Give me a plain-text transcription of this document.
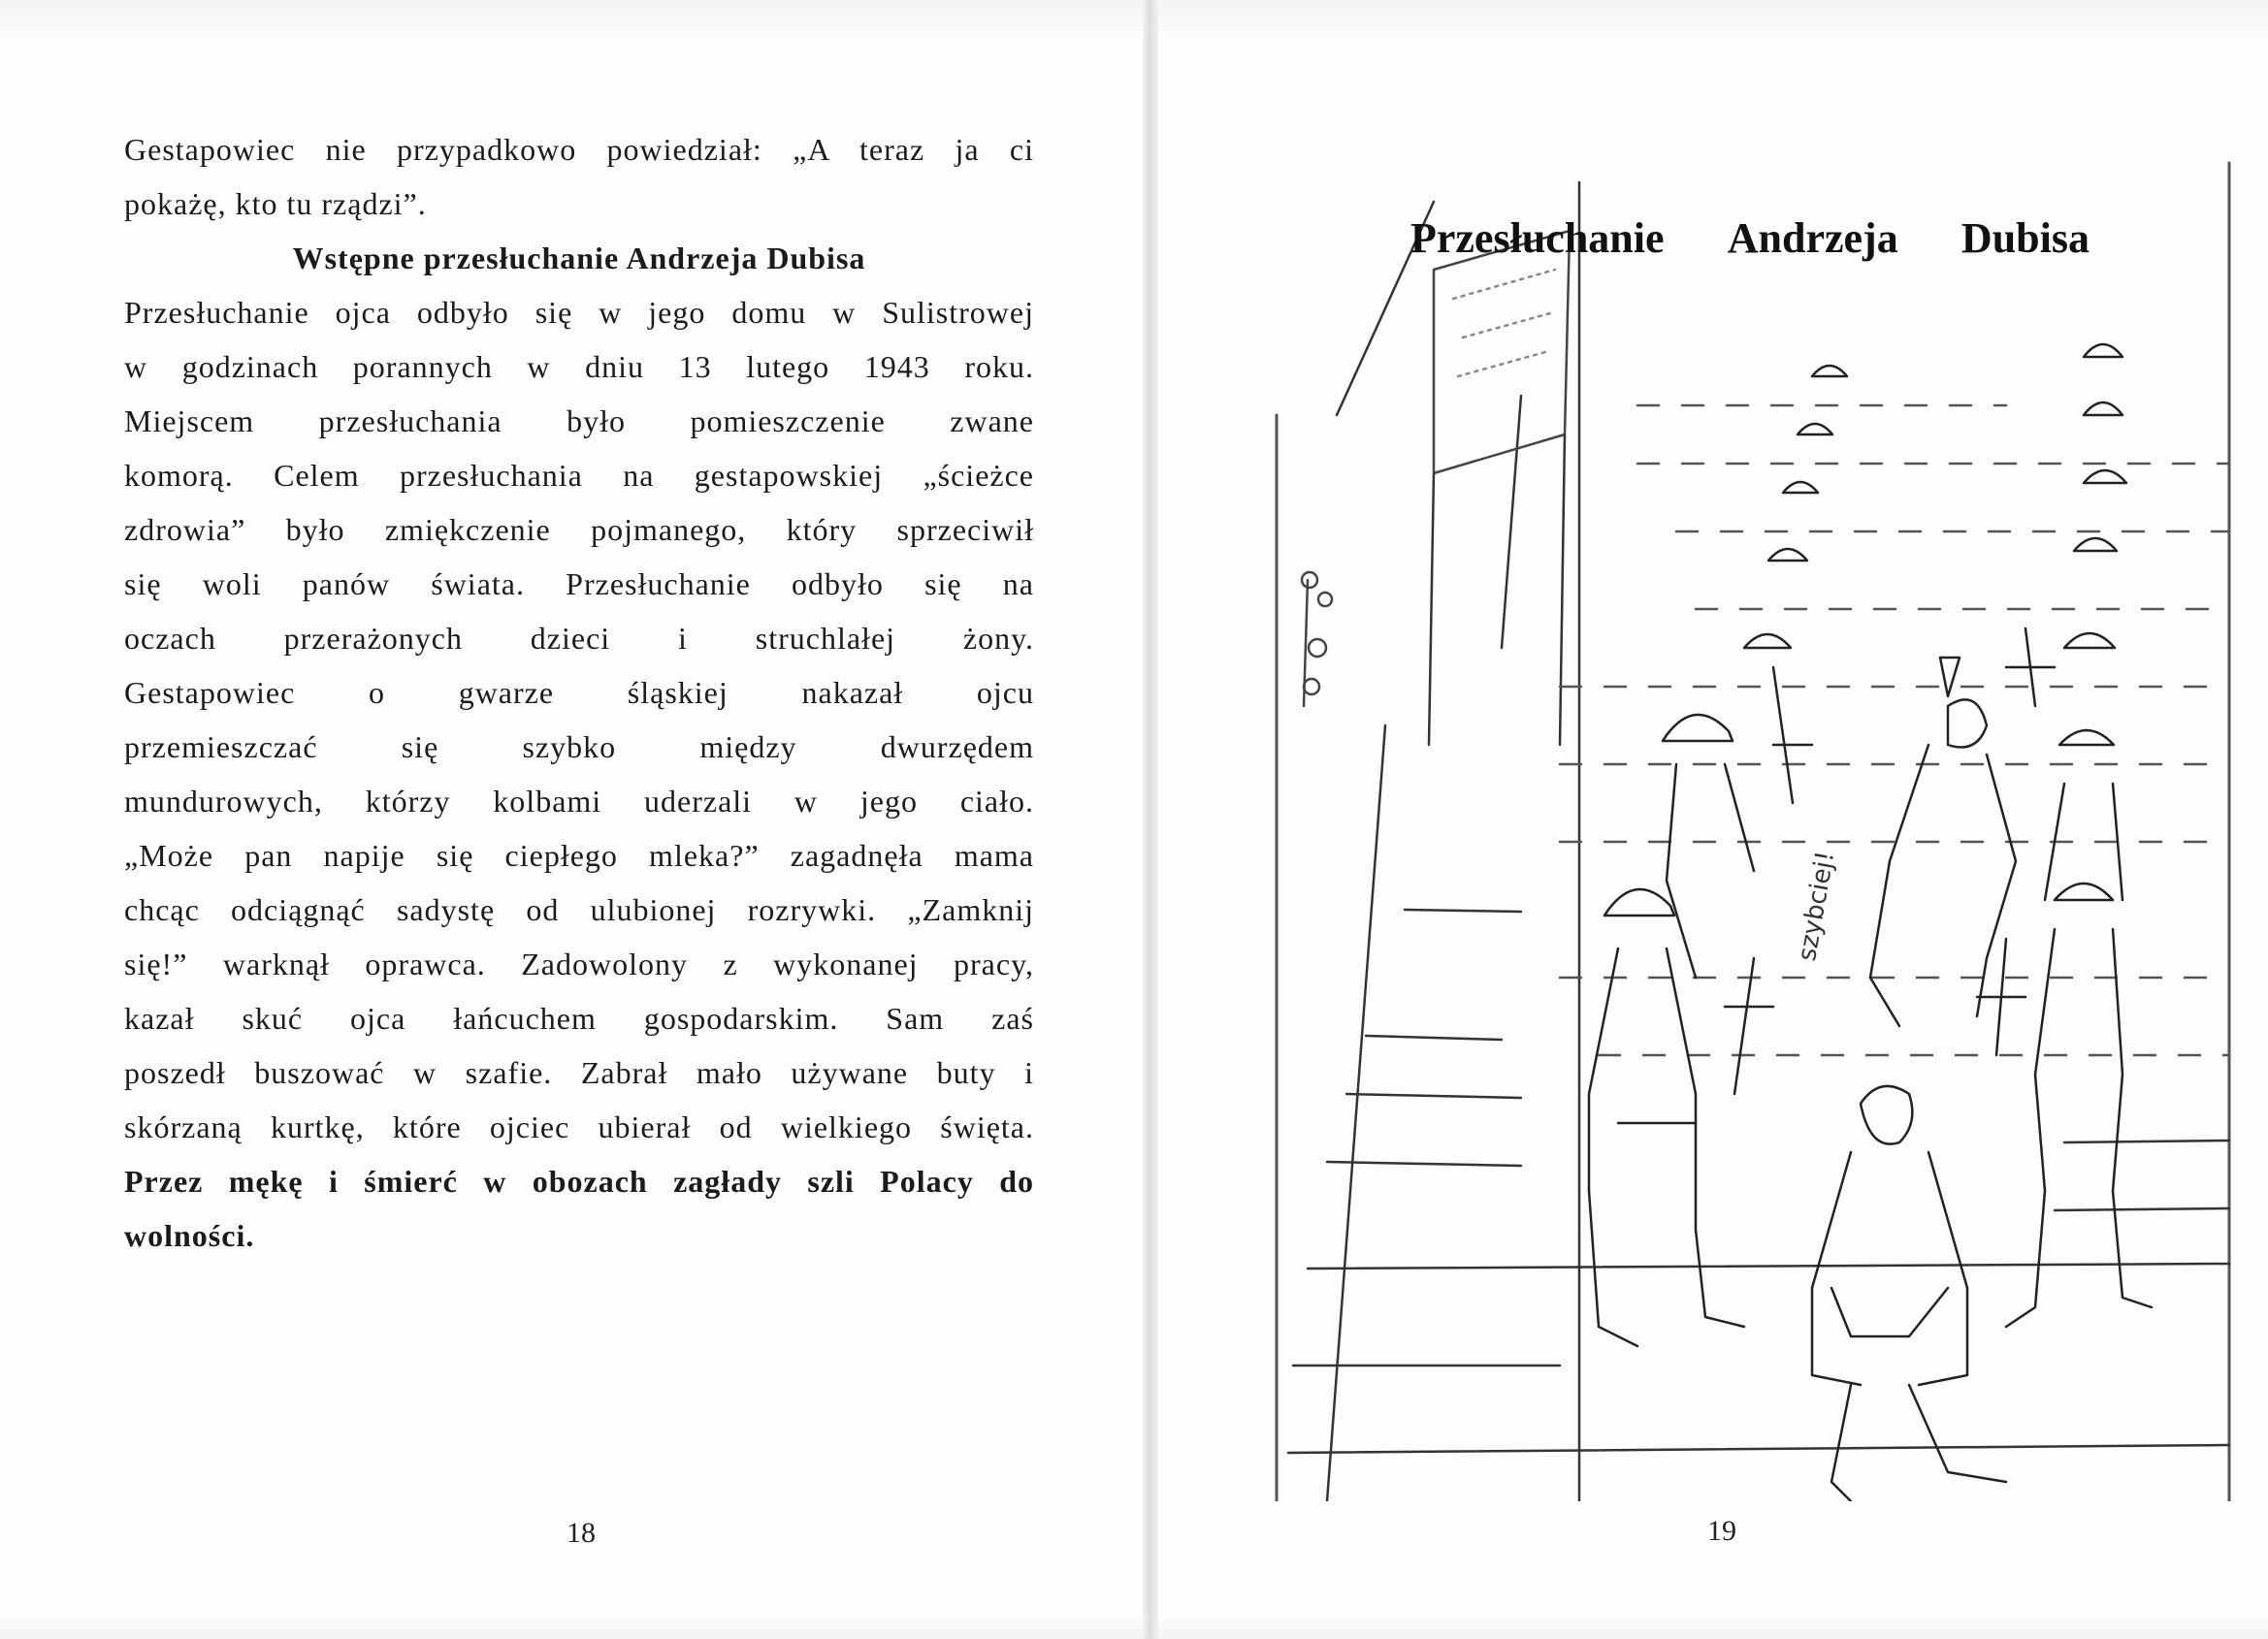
Gestapowiec nie przypadkowo powiedział: „A teraz ja ci
pokażę, kto tu rządzi”.
Wstępne przesłuchanie Andrzeja Dubisa
Przesłuchanie ojca odbyło się w jego domu w Sulistrowej
w godzinach porannych w dniu 13 lutego 1943 roku.
Miejscem przesłuchania było pomieszczenie zwane
komorą. Celem przesłuchania na gestapowskiej „ścieżce
zdrowia” było zmiękczenie pojmanego, który sprzeciwił
się woli panów świata. Przesłuchanie odbyło się na
oczach przerażonych dzieci i struchlałej żony.
Gestapowiec o gwarze śląskiej nakazał ojcu
przemieszczać się szybko między dwurzędem
mundurowych, którzy kolbami uderzali w jego ciało.
„Może pan napije się ciepłego mleka?” zagadnęła mama
chcąc odciągnąć sadystę od ulubionej rozrywki. „Zamknij
się!” warknął oprawca. Zadowolony z wykonanej pracy,
kazał skuć ojca łańcuchem gospodarskim. Sam zaś
poszedł buszować w szafie. Zabrał mało używane buty i
skórzaną kurtkę, które ojciec ubierał od wielkiego święta.
Przez mękę i śmierć w obozach zagłady szli Polacy do
wolności.
18
szybciej!
Przesłuchanie Andrzeja Dubisa
19
